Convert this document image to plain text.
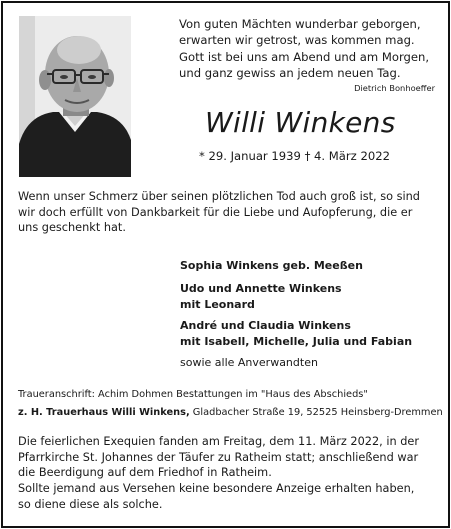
Von guten Mächten wunderbar geborgen,
erwarten wir getrost, was kommen mag.
Gott ist bei uns am Abend und am Morgen,
und ganz gewiss an jedem neuen Tag.
Dietrich Bonhoeffer
Willi Winkens
* 29. Januar 1939 † 4. März 2022
Wenn unser Schmerz über seinen plötzlichen Tod auch groß ist, so sind
wir doch erfüllt von Dankbarkeit für die Liebe und Aufopferung, die er
uns geschenkt hat.
Sophia Winkens geb. Meeßen
Udo und Annette Winkens
mit Leonard
André und Claudia Winkens
mit Isabell, Michelle, Julia und Fabian
sowie alle Anverwandten
Traueranschrift: Achim Dohmen Bestattungen im "Haus des Abschieds"
z. H. Trauerhaus Willi Winkens, Gladbacher Straße 19, 52525 Heinsberg-Dremmen
Die feierlichen Exequien fanden am Freitag, dem 11. März 2022, in der
Pfarrkirche St. Johannes der Täufer zu Ratheim statt; anschließend war
die Beerdigung auf dem Friedhof in Ratheim.
Sollte jemand aus Versehen keine besondere Anzeige erhalten haben,
so diene diese als solche.
